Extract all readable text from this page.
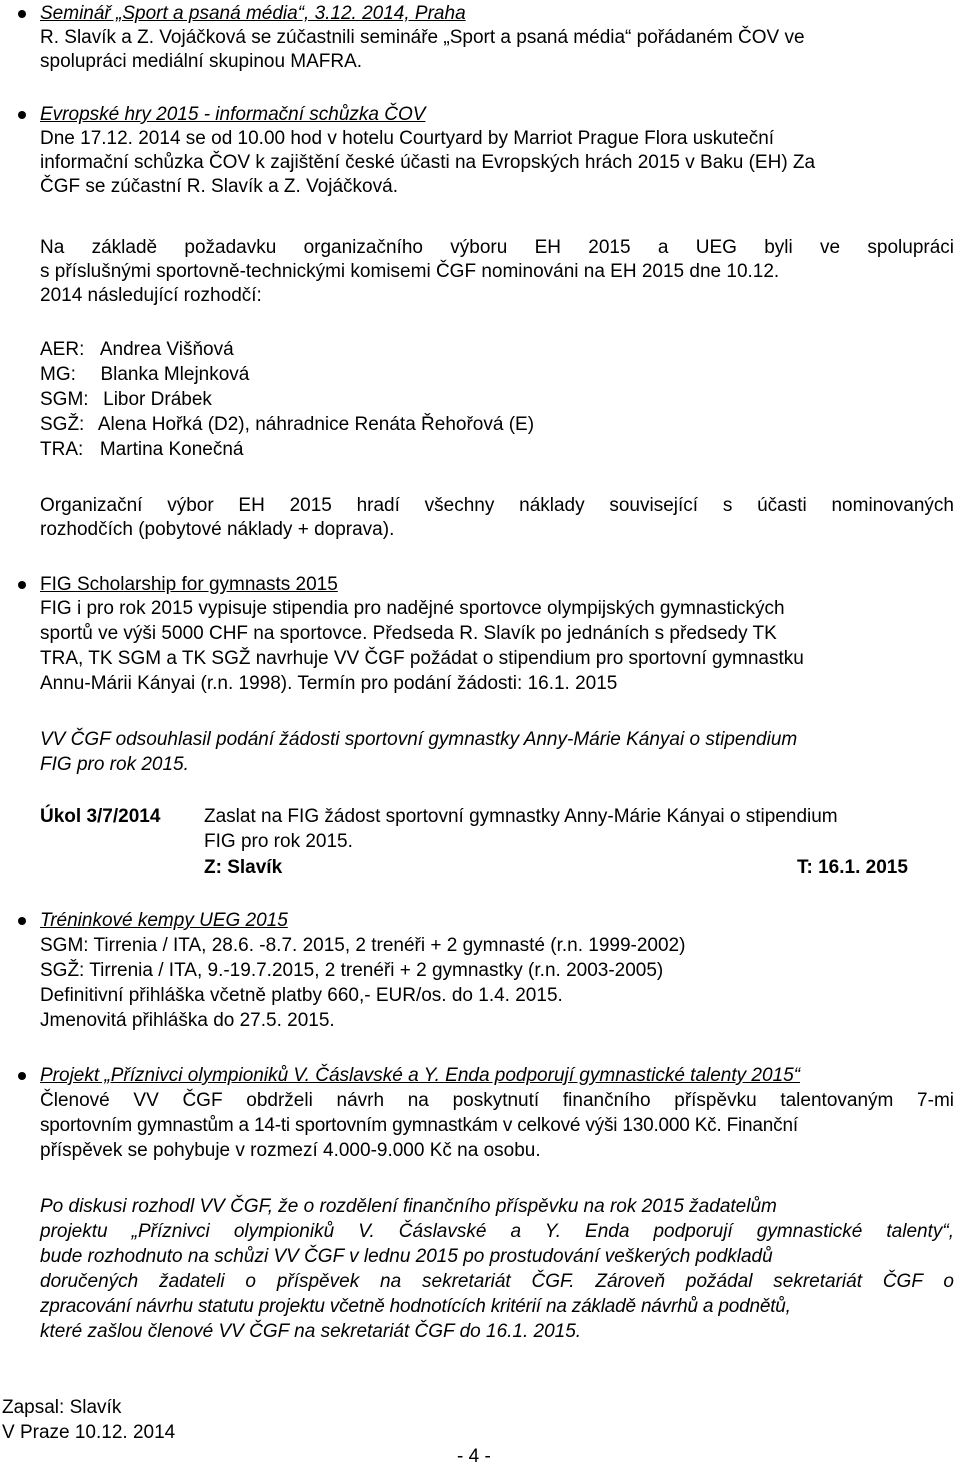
Seminář „Sport a psaná média“, 3.12. 2014, Praha
R. Slavík a Z. Vojáčková se zúčastnili semináře „Sport a psaná média“ pořádaném ČOV ve
spolupráci mediální skupinou MAFRA.
Evropské hry 2015 - informační schůzka ČOV
Dne 17.12. 2014 se od 10.00 hod v hotelu Courtyard by Marriot Prague Flora uskuteční
informační schůzka ČOV k zajištění české účasti na Evropských hrách 2015 v Baku (EH) Za
ČGF se zúčastní R. Slavík a Z. Vojáčková.
Na základě požadavku organizačního výboru EH 2015 a UEG byli ve spolupráci
s příslušnými sportovně-technickými komisemi ČGF nominováni na EH 2015 dne 10.12.
2014 následující rozhodčí:
AER: Andrea Višňová
MG: Blanka Mlejnková
SGM: Libor Drábek
SGŽ: Alena Hořká (D2), náhradnice Renáta Řehořová (E)
TRA: Martina Konečná
Organizační výbor EH 2015 hradí všechny náklady související s účasti nominovaných
rozhodčích (pobytové náklady + doprava).
FIG Scholarship for gymnasts 2015
FIG i pro rok 2015 vypisuje stipendia pro nadějné sportovce olympijských gymnastických
sportů ve výši 5000 CHF na sportovce. Předseda R. Slavík po jednáních s předsedy TK
TRA, TK SGM a TK SGŽ navrhuje VV ČGF požádat o stipendium pro sportovní gymnastku
Annu-Márii Kányai (r.n. 1998). Termín pro podání žádosti: 16.1. 2015
VV ČGF odsouhlasil podání žádosti sportovní gymnastky Anny-Márie Kányai o stipendium
FIG pro rok 2015.
Úkol 3/7/2014 Zaslat na FIG žádost sportovní gymnastky Anny-Márie Kányai o stipendium
FIG pro rok 2015.
Z: Slavík	T: 16.1. 2015
Tréninkové kempy UEG 2015
SGM: Tirrenia / ITA, 28.6. -8.7. 2015, 2 trenéři + 2 gymnasté (r.n. 1999-2002)
SGŽ: Tirrenia / ITA, 9.-19.7.2015, 2 trenéři + 2 gymnastky (r.n. 2003-2005)
Definitivní přihláška včetně platby 660,- EUR/os. do 1.4. 2015.
Jmenovitá přihláška do 27.5. 2015.
Projekt „Příznivci olympioniků V. Čáslavské a Y. Enda podporují gymnastické talenty 2015“
Členové VV ČGF obdrželi návrh na poskytnutí finančního příspěvku talentovaným 7-mi
sportovním gymnastům a 14-ti sportovním gymnastkám v celkové výši 130.000 Kč. Finanční
příspěvek se pohybuje v rozmezí 4.000-9.000 Kč na osobu.
Po diskusi rozhodl VV ČGF, že o rozdělení finančního příspěvku na rok 2015 žadatelům
projektu „Příznivci olympioniků V. Čáslavské a Y. Enda podporují gymnastické talenty“,
bude rozhodnuto na schůzi VV ČGF v lednu 2015 po prostudování veškerých podkladů
doručených žadateli o příspěvek na sekretariát ČGF. Zároveň požádal sekretariát ČGF o
zpracování návrhu statutu projektu včetně hodnotících kritérií na základě návrhů a podnětů,
které zašlou členové VV ČGF na sekretariát ČGF do 16.1. 2015.
Zapsal: Slavík
V Praze 10.12. 2014
- 4 -
